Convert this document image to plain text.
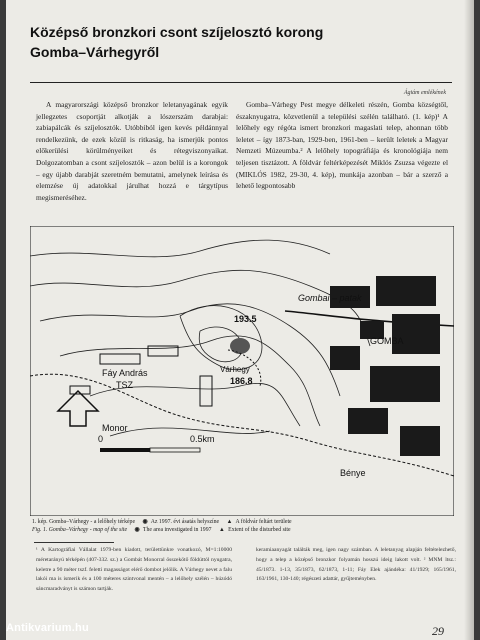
Középső bronzkori csont szíjelosztó korong
Gomba–Várhegyről
Ágiám emlékének
A magyarországi középső bronzkor leletanyagának egyik jellegzetes csoportját alkotják a lószerszám darabjai: zabiapálcák és szíjelosztók. Utóbbiból igen kevés példánnyal rendelkezünk, de ezek közül is ritkaság, ha ismerjük pontos előkerülési körülményeiket és rétegviszonyaikat. Dolgozatomban a csont szíjelosztók – azon belül is a korongok – egy újabb darabját szeretném bemutatni, amelynek leírása és elemzése új adatokkal járulhat hozzá e tárgytípus megismeréséhez.
Gomba–Várhegy Pest megye délkeleti részén, Gomba községtől, északnyugatra, közvetlenül a települési szélén található. (1. kép)¹ A lelőhely egy régóta ismert bronzkori magaslati telep, ahonnan több leletet – így 1873-ban, 1929-ben, 1961-ben – került leletek a Magyar Nemzeti Múzeumba.² A lelőhely topográfiája és kronológiája nem teljesen tisztázott. A földvár feltérképezését Miklós Zsuzsa végezte el (MIKLÓS 1982, 29-30, 4. kép), munkája azonban – bár a szerző a lehető legpontosabb
Gombai – patak
GOMBA
Fáy András
TSZ
Várhegy
193.5
186.8
Monor
Bénye
0	0.5km
1. kép. Gomba–Várhegy - a lelőhely térképe ◉ Az 1997. évi ásatás helyszíne ▲ A földvár feltárt területe
Fig. 1. Gomba–Várhegy - map of the site ◉ The area investigated in 1997 ▲ Extent of the disturbed site
¹ A Kartográfiai Vállalat 1979-ben kiadott, területtünkre vonatkozó, M=1:10000 méretarányú térképén (407-332. sz.) a Gombát Monorral összekötő földúttól nyugatra, keletre a 90 méter tszf. feletti magasságot elérő dombot jelölik. A Várhegy nevet a falu lakói ma is ismerik és a 100 méteres szintvonal mentén – a lelőhely szélén – húzódó sáncmaradványt is számon tartják.
keramiaanyagát találták meg, igen nagy számban. A leletanyag alapján feltételezhető, hogy a telep a középső bronzkor folyamán hosszú ideig lakott volt. ² MNM ltsz.: 45/1873. 1-13, 35/1873, 62/1873, 1-11; Fáy Elek ajándéka: 41/1929; 165/1961, 163/1961, 130-140; régészeti adattár, gyűjteményben.
29
Antikvarium.hu
